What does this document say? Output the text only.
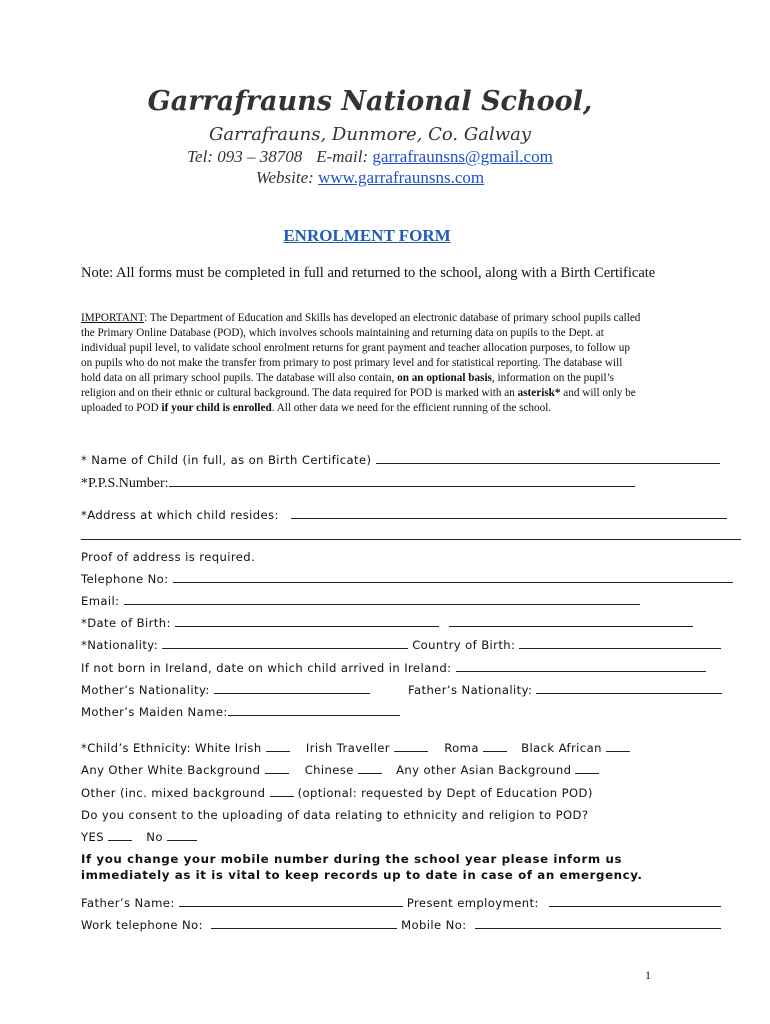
Garrafrauns National School,
Garrafrauns, Dunmore, Co. Galway
Tel: 093 – 38708 E-mail: garrafraunsns@gmail.com
Website: www.garrafraunsns.com
ENROLMENT FORM
Note: All forms must be completed in full and returned to the school, along with a Birth Certificate
IMPORTANT: The Department of Education and Skills has developed an electronic database of primary school pupils called the Primary Online Database (POD), which involves schools maintaining and returning data on pupils to the Dept. at individual pupil level, to validate school enrolment returns for grant payment and teacher allocation purposes, to follow up on pupils who do not make the transfer from primary to post primary level and for statistical reporting. The database will hold data on all primary school pupils. The database will also contain, on an optional basis, information on the pupil’s religion and on their ethnic or cultural background. The data required for POD is marked with an asterisk* and will only be uploaded to POD if your child is enrolled. All other data we need for the efficient running of the school.
* Name of Child (in full, as on Birth Certificate)
*P.P.S.Number:
*Address at which child resides:
Proof of address is required.
Telephone No:
Email:
*Date of Birth:
*Nationality:	Country of Birth:
If not born in Ireland, date on which child arrived in Ireland:
Mother’s Nationality:	Father’s Nationality:
Mother’s Maiden Name:
*Child’s Ethnicity: White Irish	Irish Traveller	Roma	Black African
Any Other White Background	Chinese	Any other Asian Background
Other (inc. mixed background	(optional: requested by Dept of Education POD)
Do you consent to the uploading of data relating to ethnicity and religion to POD?
YES	No
If you change your mobile number during the school year please inform us immediately as it is vital to keep records up to date in case of an emergency.
Father’s Name:	Present employment:
Work telephone No:	Mobile No:
1
